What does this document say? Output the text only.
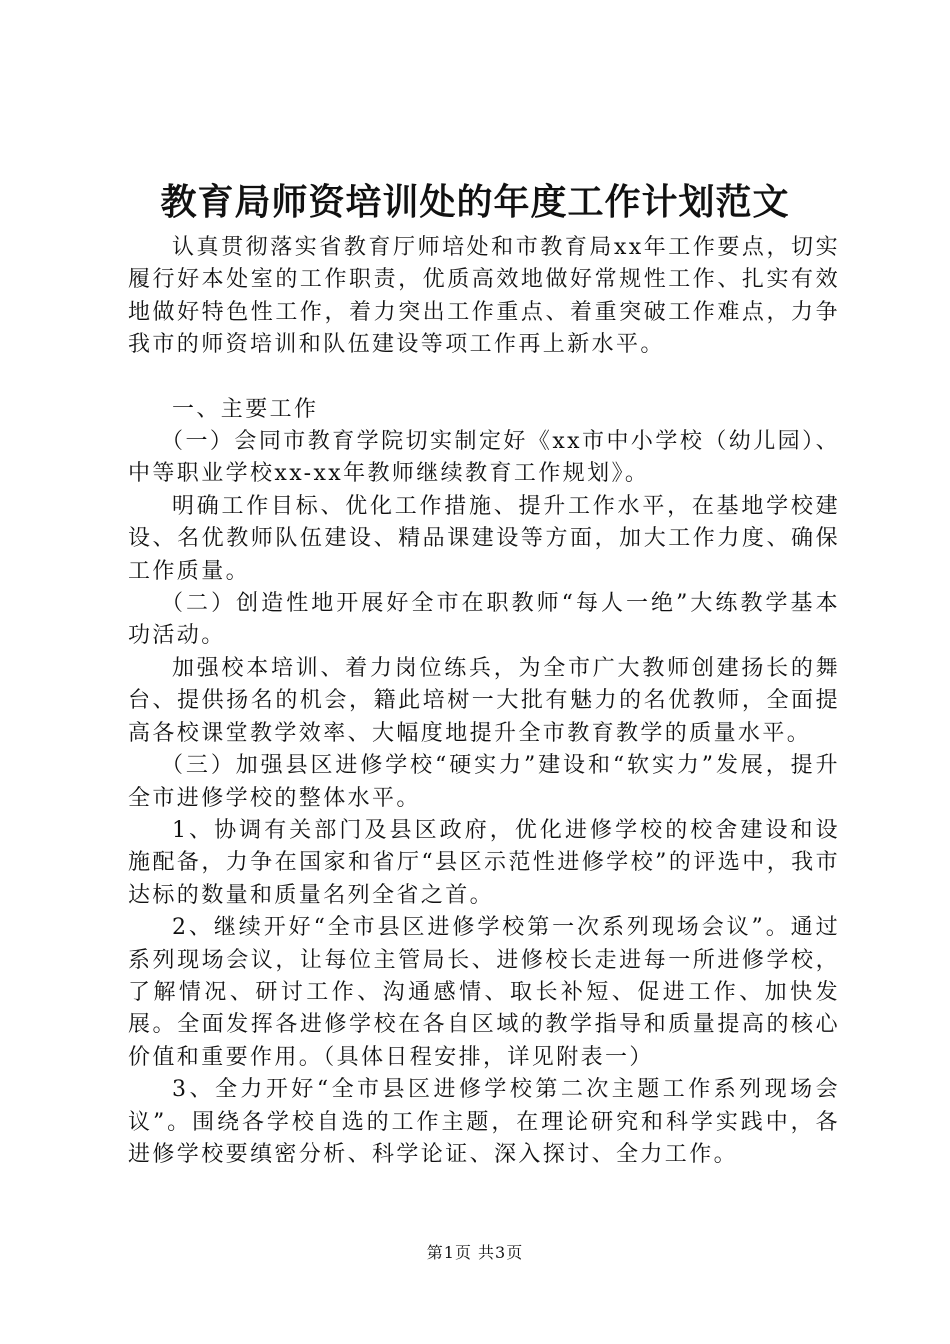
教育局师资培训处的年度工作计划范文

认真贯彻落实省教育厅师培处和市教育局xx年工作要点，切实履行好本处室的工作职责，优质高效地做好常规性工作、扎实有效地做好特色性工作，着力突出工作重点、着重突破工作难点，力争我市的师资培训和队伍建设等项工作再上新水平。

一、主要工作

（一）会同市教育学院切实制定好《xx市中小学校（幼儿园）、中等职业学校xx-xx年教师继续教育工作规划》。

明确工作目标、优化工作措施、提升工作水平，在基地学校建设、名优教师队伍建设、精品课建设等方面，加大工作力度、确保工作质量。

（二）创造性地开展好全市在职教师“每人一绝”大练教学基本功活动。

加强校本培训、着力岗位练兵，为全市广大教师创建扬长的舞台、提供扬名的机会，籍此培树一大批有魅力的名优教师，全面提高各校课堂教学效率、大幅度地提升全市教育教学的质量水平。

（三）加强县区进修学校“硬实力”建设和“软实力”发展，提升全市进修学校的整体水平。

1、协调有关部门及县区政府，优化进修学校的校舍建设和设施配备，力争在国家和省厅“县区示范性进修学校”的评选中，我市达标的数量和质量名列全省之首。

2、继续开好“全市县区进修学校第一次系列现场会议”。通过系列现场会议，让每位主管局长、进修校长走进每一所进修学校，了解情况、研讨工作、沟通感情、取长补短、促进工作、加快发展。全面发挥各进修学校在各自区域的教学指导和质量提高的核心价值和重要作用。（具体日程安排，详见附表一）

3、全力开好“全市县区进修学校第二次主题工作系列现场会议”。围绕各学校自选的工作主题，在理论研究和科学实践中，各进修学校要缜密分析、科学论证、深入探讨、全力工作。

第1页 共3页
